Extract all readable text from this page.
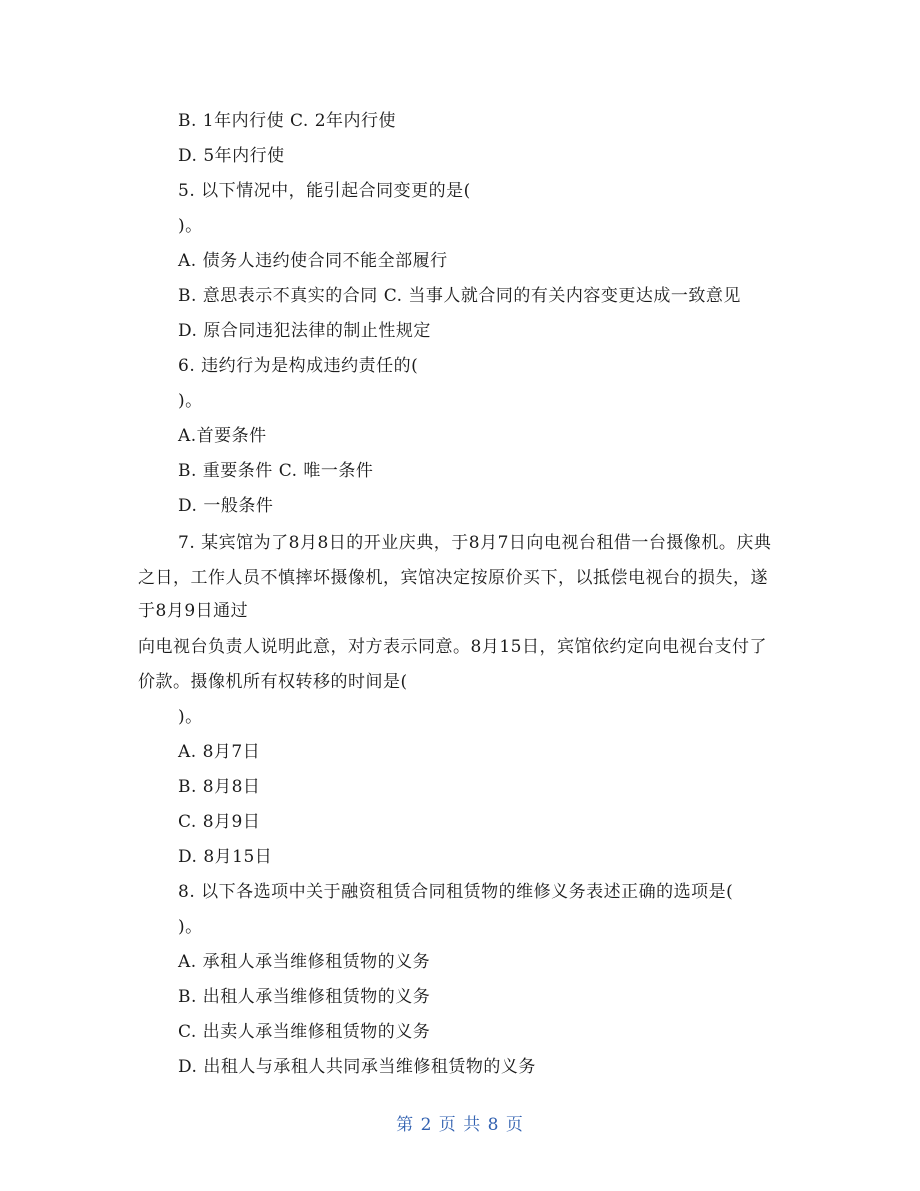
B. 1年内行使 C. 2年内行使
D. 5年内行使
5. 以下情况中，能引起合同变更的是(
)。
A. 债务人违约使合同不能全部履行
B. 意思表示不真实的合同 C. 当事人就合同的有关内容变更达成一致意见
D. 原合同违犯法律的制止性规定
6. 违约行为是构成违约责任的(
)。
A.首要条件
B. 重要条件 C. 唯一条件
D. 一般条件
7. 某宾馆为了8月8日的开业庆典，于8月7日向电视台租借一台摄像机。庆典
之日，工作人员不慎摔坏摄像机，宾馆决定按原价买下，以抵偿电视台的损失，遂
于8月9日通过
向电视台负责人说明此意，对方表示同意。8月15日，宾馆依约定向电视台支付了
价款。摄像机所有权转移的时间是(
)。
A. 8月7日
B. 8月8日
C. 8月9日
D. 8月15日
8. 以下各选项中关于融资租赁合同租赁物的维修义务表述正确的选项是(
)。
A. 承租人承当维修租赁物的义务
B. 出租人承当维修租赁物的义务
C. 出卖人承当维修租赁物的义务
D. 出租人与承租人共同承当维修租赁物的义务
第 2 页 共 8 页
